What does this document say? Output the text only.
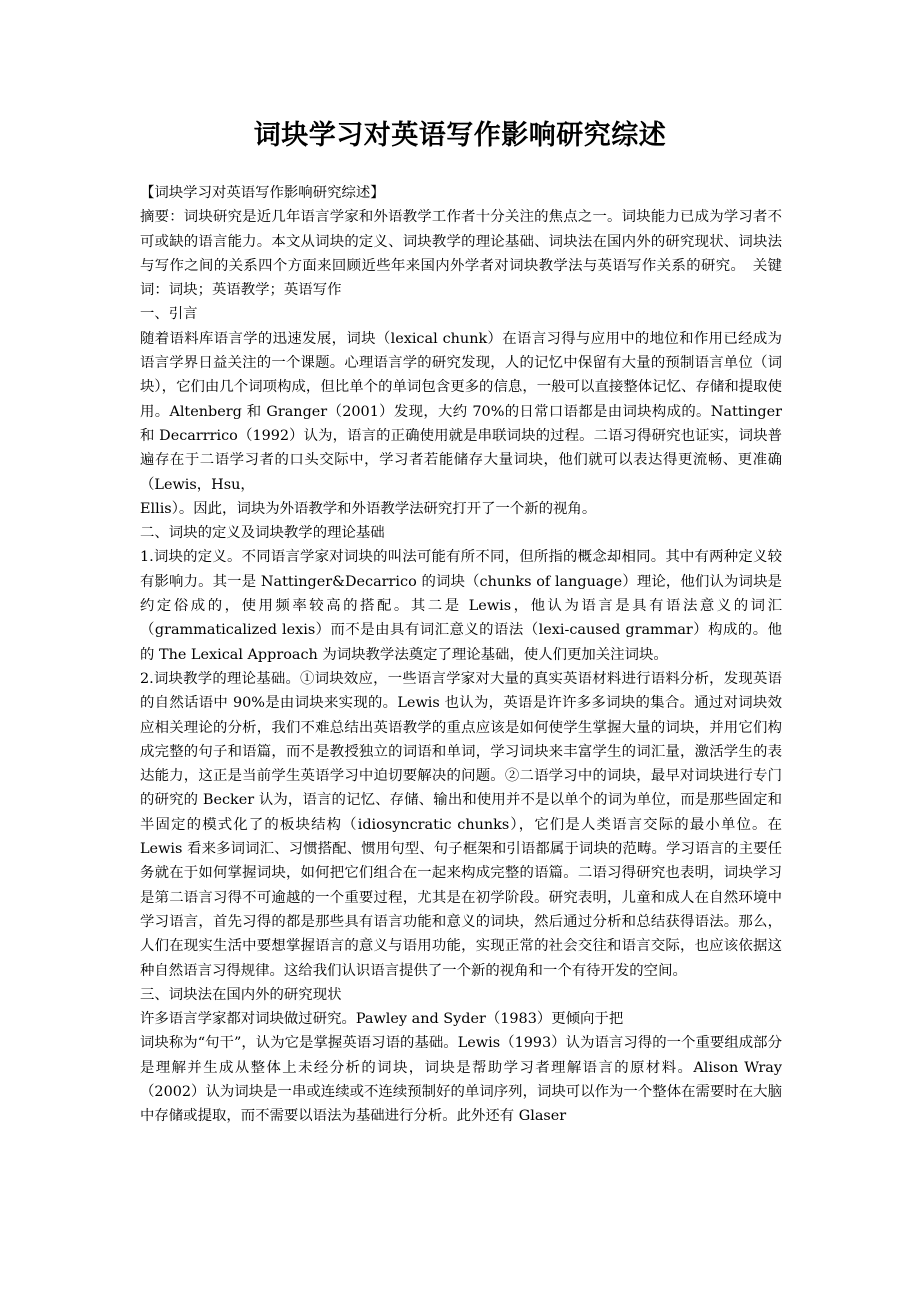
词块学习对英语写作影响研究综述

【词块学习对英语写作影响研究综述】

摘要：词块研究是近几年语言学家和外语教学工作者十分关注的焦点之一。词块能力已成为学习者不可或缺的语言能力。本文从词块的定义、词块教学的理论基础、词块法在国内外的研究现状、词块法与写作之间的关系四个方面来回顾近些年来国内外学者对词块教学法与英语写作关系的研究。　关键词：词块；英语教学；英语写作

一、引言

随着语料库语言学的迅速发展，词块（lexical chunk）在语言习得与应用中的地位和作用已经成为语言学界日益关注的一个课题。心理语言学的研究发现，人的记忆中保留有大量的预制语言单位（词块），它们由几个词项构成，但比单个的单词包含更多的信息，一般可以直接整体记忆、存储和提取使用。Altenberg 和 Granger（2001）发现，大约 70%的日常口语都是由词块构成的。Nattinger 和 Decarrrico（1992）认为，语言的正确使用就是串联词块的过程。二语习得研究也证实，词块普遍存在于二语学习者的口头交际中，学习者若能储存大量词块，他们就可以表达得更流畅、更准确（Lewis，Hsu，

Ellis）。因此，词块为外语教学和外语教学法研究打开了一个新的视角。

二、词块的定义及词块教学的理论基础

1.词块的定义。不同语言学家对词块的叫法可能有所不同，但所指的概念却相同。其中有两种定义较有影响力。其一是 Nattinger&Decarrico 的词块（chunks of language）理论，他们认为词块是约定俗成的，使用频率较高的搭配。其二是 Lewis，他认为语言是具有语法意义的词汇（grammaticalized lexis）而不是由具有词汇意义的语法（lexi-caused grammar）构成的。他的 The Lexical Approach 为词块教学法奠定了理论基础，使人们更加关注词块。

2.词块教学的理论基础。①词块效应，一些语言学家对大量的真实英语材料进行语料分析，发现英语的自然话语中 90%是由词块来实现的。Lewis 也认为，英语是许许多多词块的集合。通过对词块效应相关理论的分析，我们不难总结出英语教学的重点应该是如何使学生掌握大量的词块，并用它们构成完整的句子和语篇，而不是教授独立的词语和单词，学习词块来丰富学生的词汇量，激活学生的表达能力，这正是当前学生英语学习中迫切要解决的问题。②二语学习中的词块，最早对词块进行专门的研究的 Becker 认为，语言的记忆、存储、输出和使用并不是以单个的词为单位，而是那些固定和半固定的模式化了的板块结构（idiosyncratic chunks），它们是人类语言交际的最小单位。在 Lewis 看来多词词汇、习惯搭配、惯用句型、句子框架和引语都属于词块的范畴。学习语言的主要任务就在于如何掌握词块，如何把它们组合在一起来构成完整的语篇。二语习得研究也表明，词块学习是第二语言习得不可逾越的一个重要过程，尤其是在初学阶段。研究表明，儿童和成人在自然环境中学习语言，首先习得的都是那些具有语言功能和意义的词块，然后通过分析和总结获得语法。那么，人们在现实生活中要想掌握语言的意义与语用功能，实现正常的社会交往和语言交际，也应该依据这种自然语言习得规律。这给我们认识语言提供了一个新的视角和一个有待开发的空间。

三、词块法在国内外的研究现状

许多语言学家都对词块做过研究。Pawley and Syder（1983）更倾向于把

词块称为“句干”，认为它是掌握英语习语的基础。Lewis（1993）认为语言习得的一个重要组成部分是理解并生成从整体上未经分析的词块，词块是帮助学习者理解语言的原材料。Alison Wray（2002）认为词块是一串或连续或不连续预制好的单词序列，词块可以作为一个整体在需要时在大脑中存储或提取，而不需要以语法为基础进行分析。此外还有 Glaser
